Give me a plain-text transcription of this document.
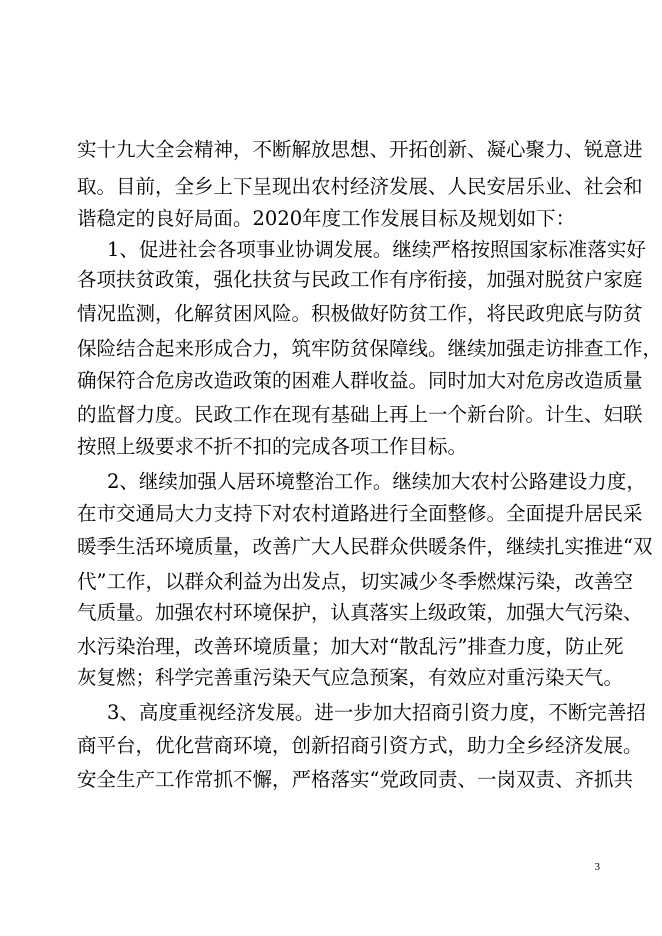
实十九大全会精神，不断解放思想、开拓创新、凝心聚力、锐意进
取。目前，全乡上下呈现出农村经济发展、人民安居乐业、社会和
谐稳定的良好局面。2020年度工作发展目标及规划如下：
1、促进社会各项事业协调发展。继续严格按照国家标准落实好
各项扶贫政策，强化扶贫与民政工作有序衔接，加强对脱贫户家庭
情况监测，化解贫困风险。积极做好防贫工作，将民政兜底与防贫
保险结合起来形成合力，筑牢防贫保障线。继续加强走访排查工作，
确保符合危房改造政策的困难人群收益。同时加大对危房改造质量
的监督力度。民政工作在现有基础上再上一个新台阶。计生、妇联
按照上级要求不折不扣的完成各项工作目标。
2、继续加强人居环境整治工作。继续加大农村公路建设力度，
在市交通局大力支持下对农村道路进行全面整修。全面提升居民采
暖季生活环境质量，改善广大人民群众供暖条件，继续扎实推进“双
代”工作，以群众利益为出发点，切实减少冬季燃煤污染，改善空
气质量。加强农村环境保护，认真落实上级政策，加强大气污染、
水污染治理，改善环境质量；加大对“散乱污”排查力度，防止死
灰复燃；科学完善重污染天气应急预案，有效应对重污染天气。
3、高度重视经济发展。进一步加大招商引资力度，不断完善招
商平台，优化营商环境，创新招商引资方式，助力全乡经济发展。
安全生产工作常抓不懈，严格落实“党政同责、一岗双责、齐抓共
3
